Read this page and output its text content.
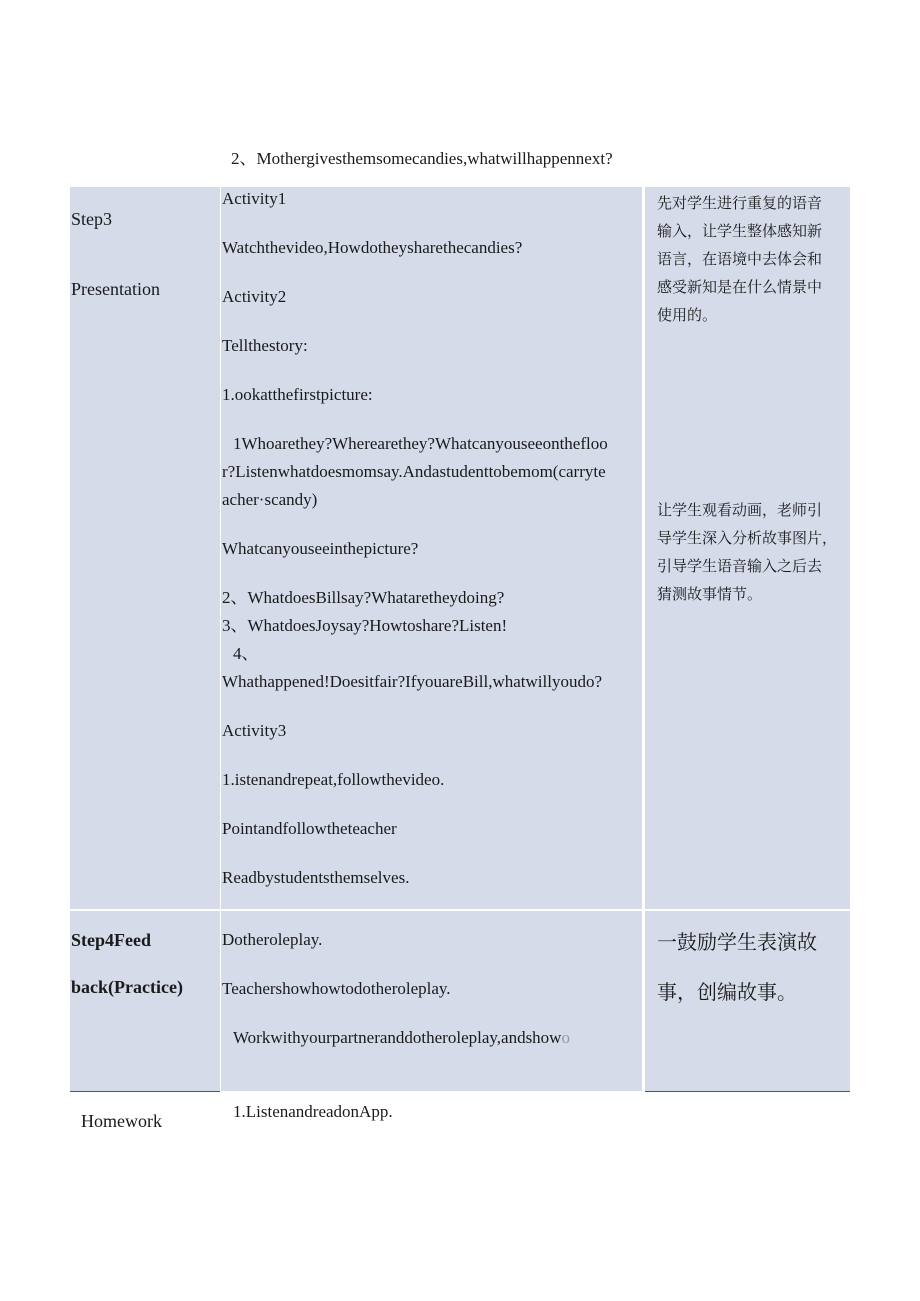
2、Mothergivesthemsomecandies,whatwillhappennext?
Step3
Presentation

Activity1

Watchthevideo,Howdotheysharethecandies?

Activity2

Tellthestory:

1.ookatthefirstpicture:

1Whoarethey?Wherearethey?Whatcanyouseeonthefloo

r?Listenwhatdoesmomsay.Andastudenttobemom(carryte

acher·scandy)

Whatcanyouseeinthepicture?

2、WhatdoesBillsay?Whataretheydoing?

3、WhatdoesJoysay?Howtoshare?Listen!

4、

Whathappened!Doesitfair?IfyouareBill,whatwillyoudo?

Activity3

1.istenandrepeat,followthevideo.

Pointandfollowtheteacher

Readbystudentsthemselves.

先对学生进行重复的语音

输入，让学生整体感知新

语言，在语境中去体会和

感受新知是在什么情景中

使用的。

让学生观看动画，老师引

导学生深入分析故事图片，

引导学生语音输入之后去

猜测故事情节。

Step4Feed
back(Practice)

Dotheroleplay.

Teachershowhowtodotheroleplay.

Workwithyourpartneranddotheroleplay,andshowo

一鼓励学生表演故

事，创编故事。

Homework	1.ListenandreadonApp.
